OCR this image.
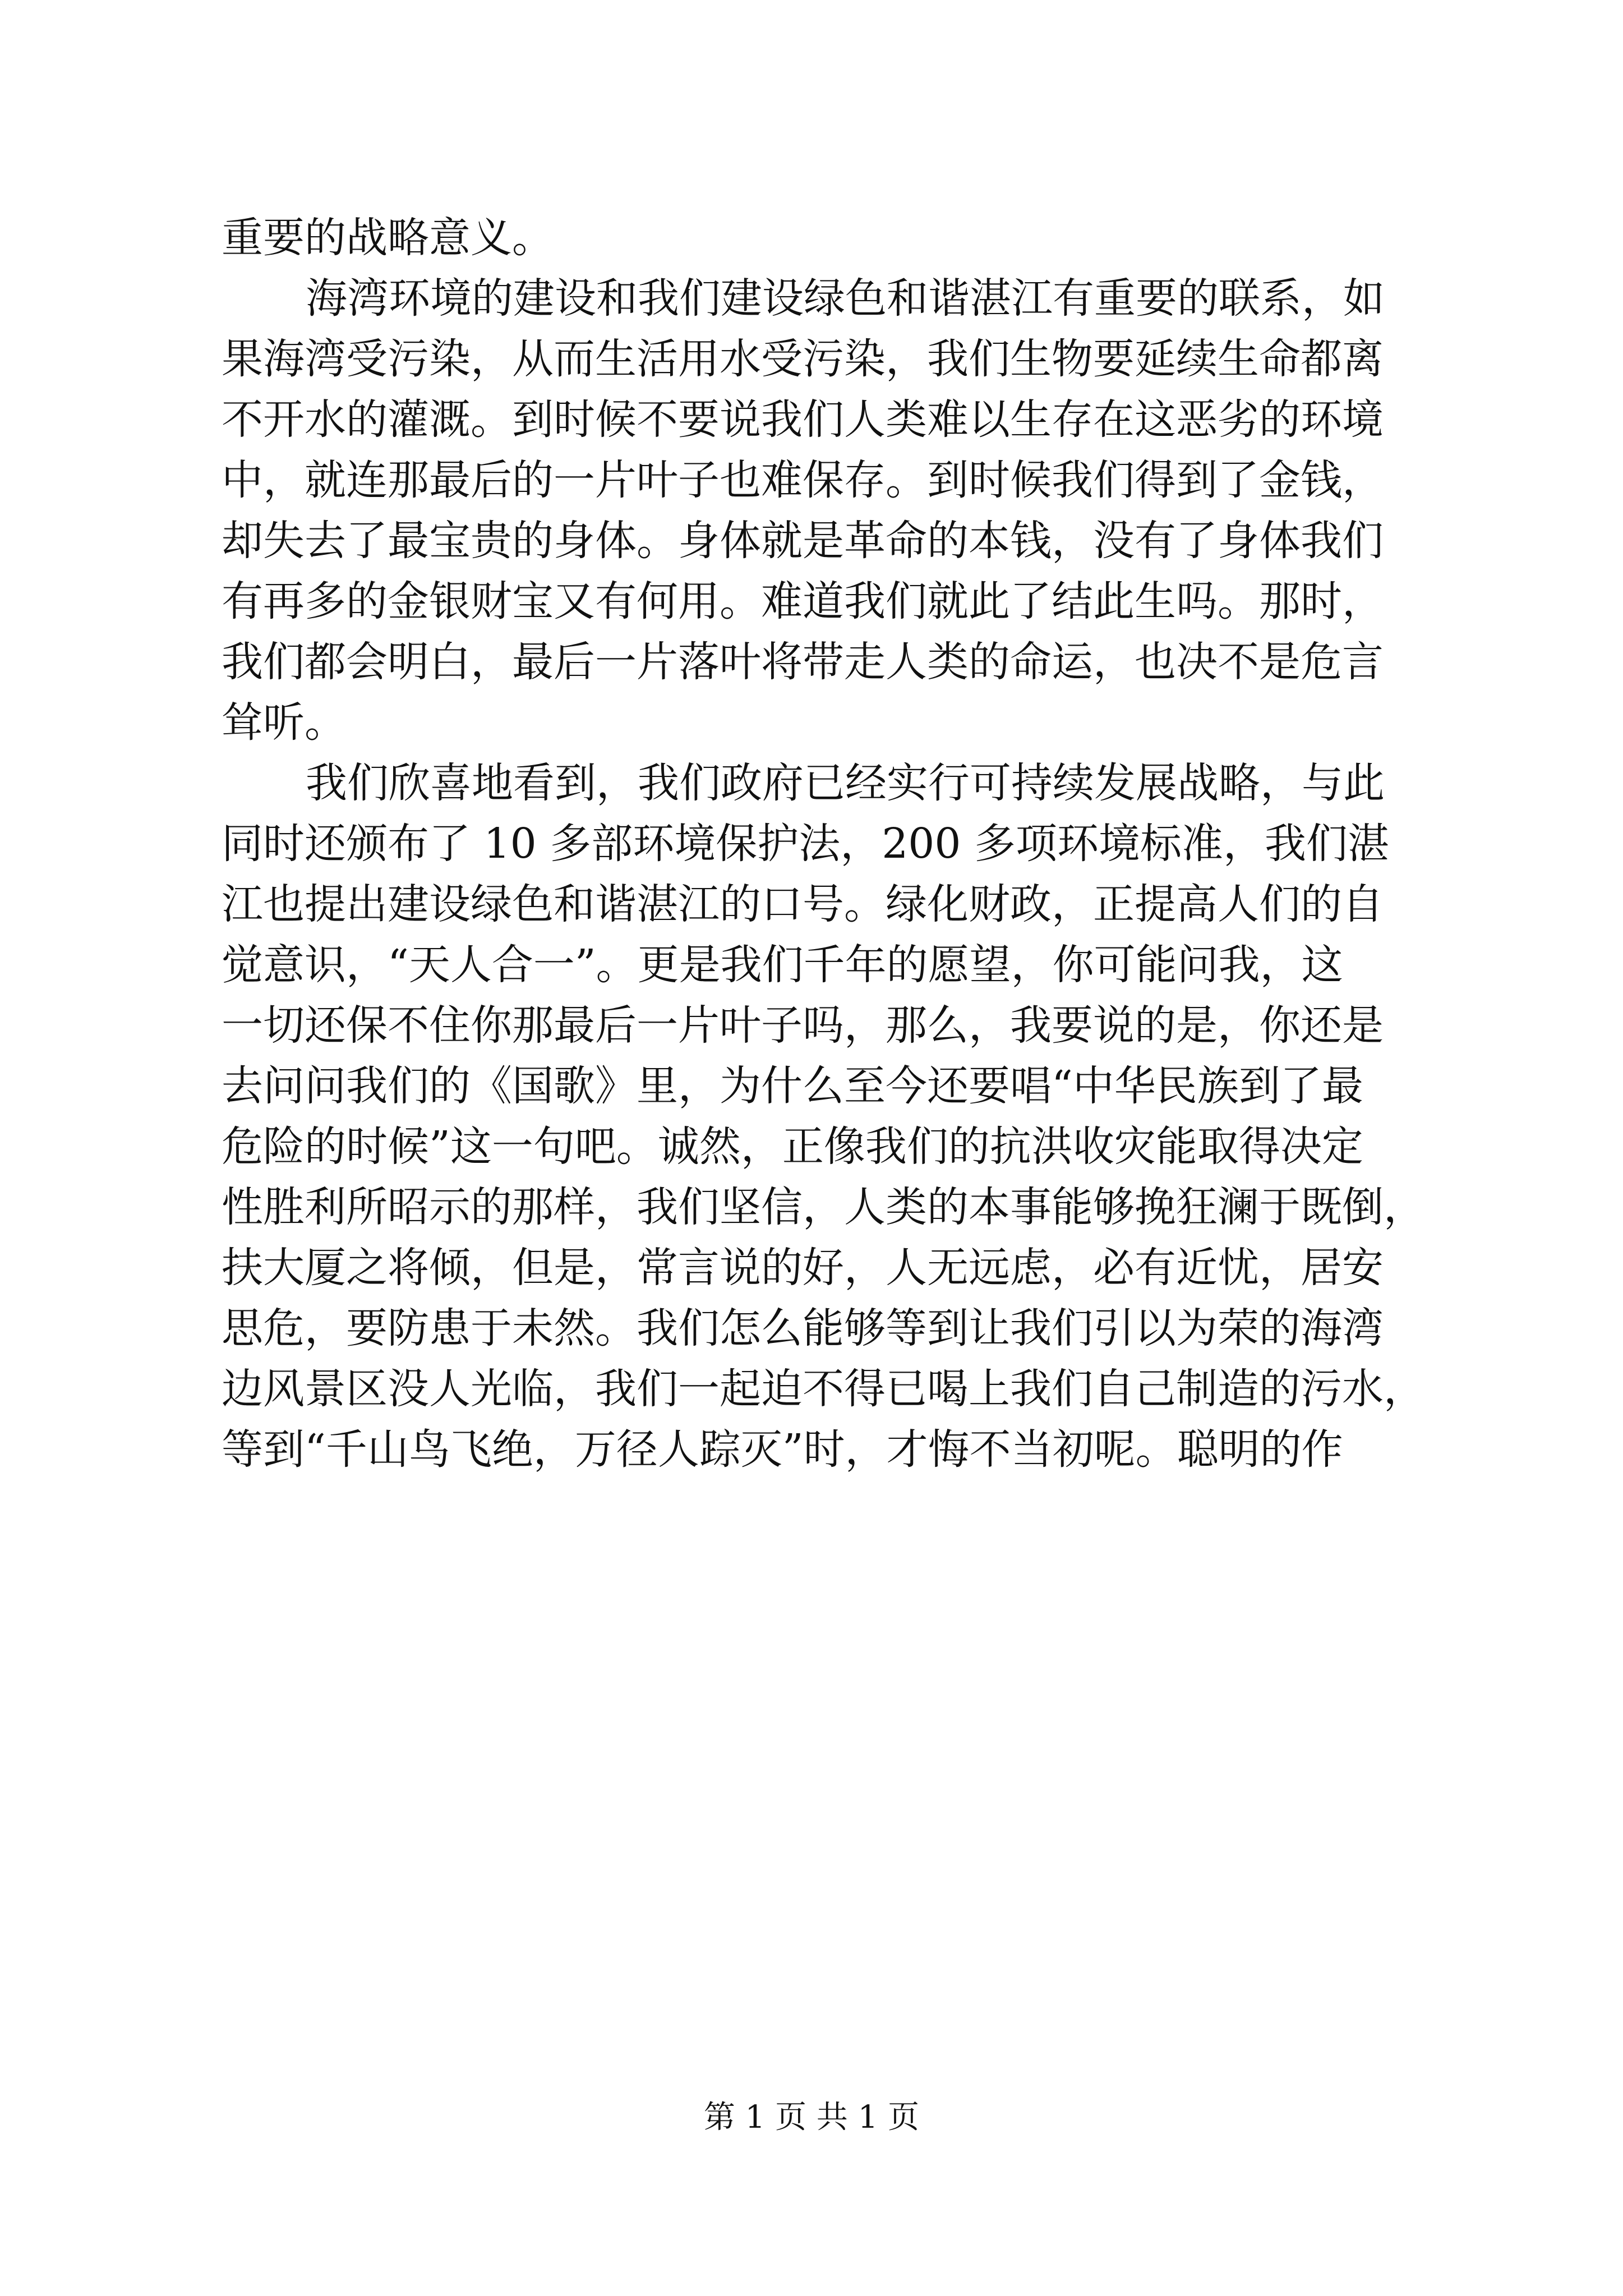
重要的战略意义。

海湾环境的建设和我们建设绿色和谐湛江有重要的联系，如

果海湾受污染，从而生活用水受污染，我们生物要延续生命都离

不开水的灌溉。到时候不要说我们人类难以生存在这恶劣的环境

中，就连那最后的一片叶子也难保存。到时候我们得到了金钱，

却失去了最宝贵的身体。身体就是革命的本钱，没有了身体我们

有再多的金银财宝又有何用。难道我们就此了结此生吗。那时，

我们都会明白，最后一片落叶将带走人类的命运，也决不是危言

耸听。

我们欣喜地看到，我们政府已经实行可持续发展战略，与此

同时还颁布了 10 多部环境保护法，200 多项环境标准，我们湛

江也提出建设绿色和谐湛江的口号。绿化财政，正提高人们的自

觉意识，“天人合一”。更是我们千年的愿望，你可能问我，这

一切还保不住你那最后一片叶子吗，那么，我要说的是，你还是

去问问我们的《国歌》里，为什么至今还要唱“中华民族到了最

危险的时候”这一句吧。诚然，正像我们的抗洪收灾能取得决定

性胜利所昭示的那样，我们坚信，人类的本事能够挽狂澜于既倒，

扶大厦之将倾，但是，常言说的好，人无远虑，必有近忧，居安

思危，要防患于未然。我们怎么能够等到让我们引以为荣的海湾

边风景区没人光临，我们一起迫不得已喝上我们自己制造的污水，

等到“千山鸟飞绝，万径人踪灭”时，才悔不当初呢。聪明的作

第 1 页 共 1 页
